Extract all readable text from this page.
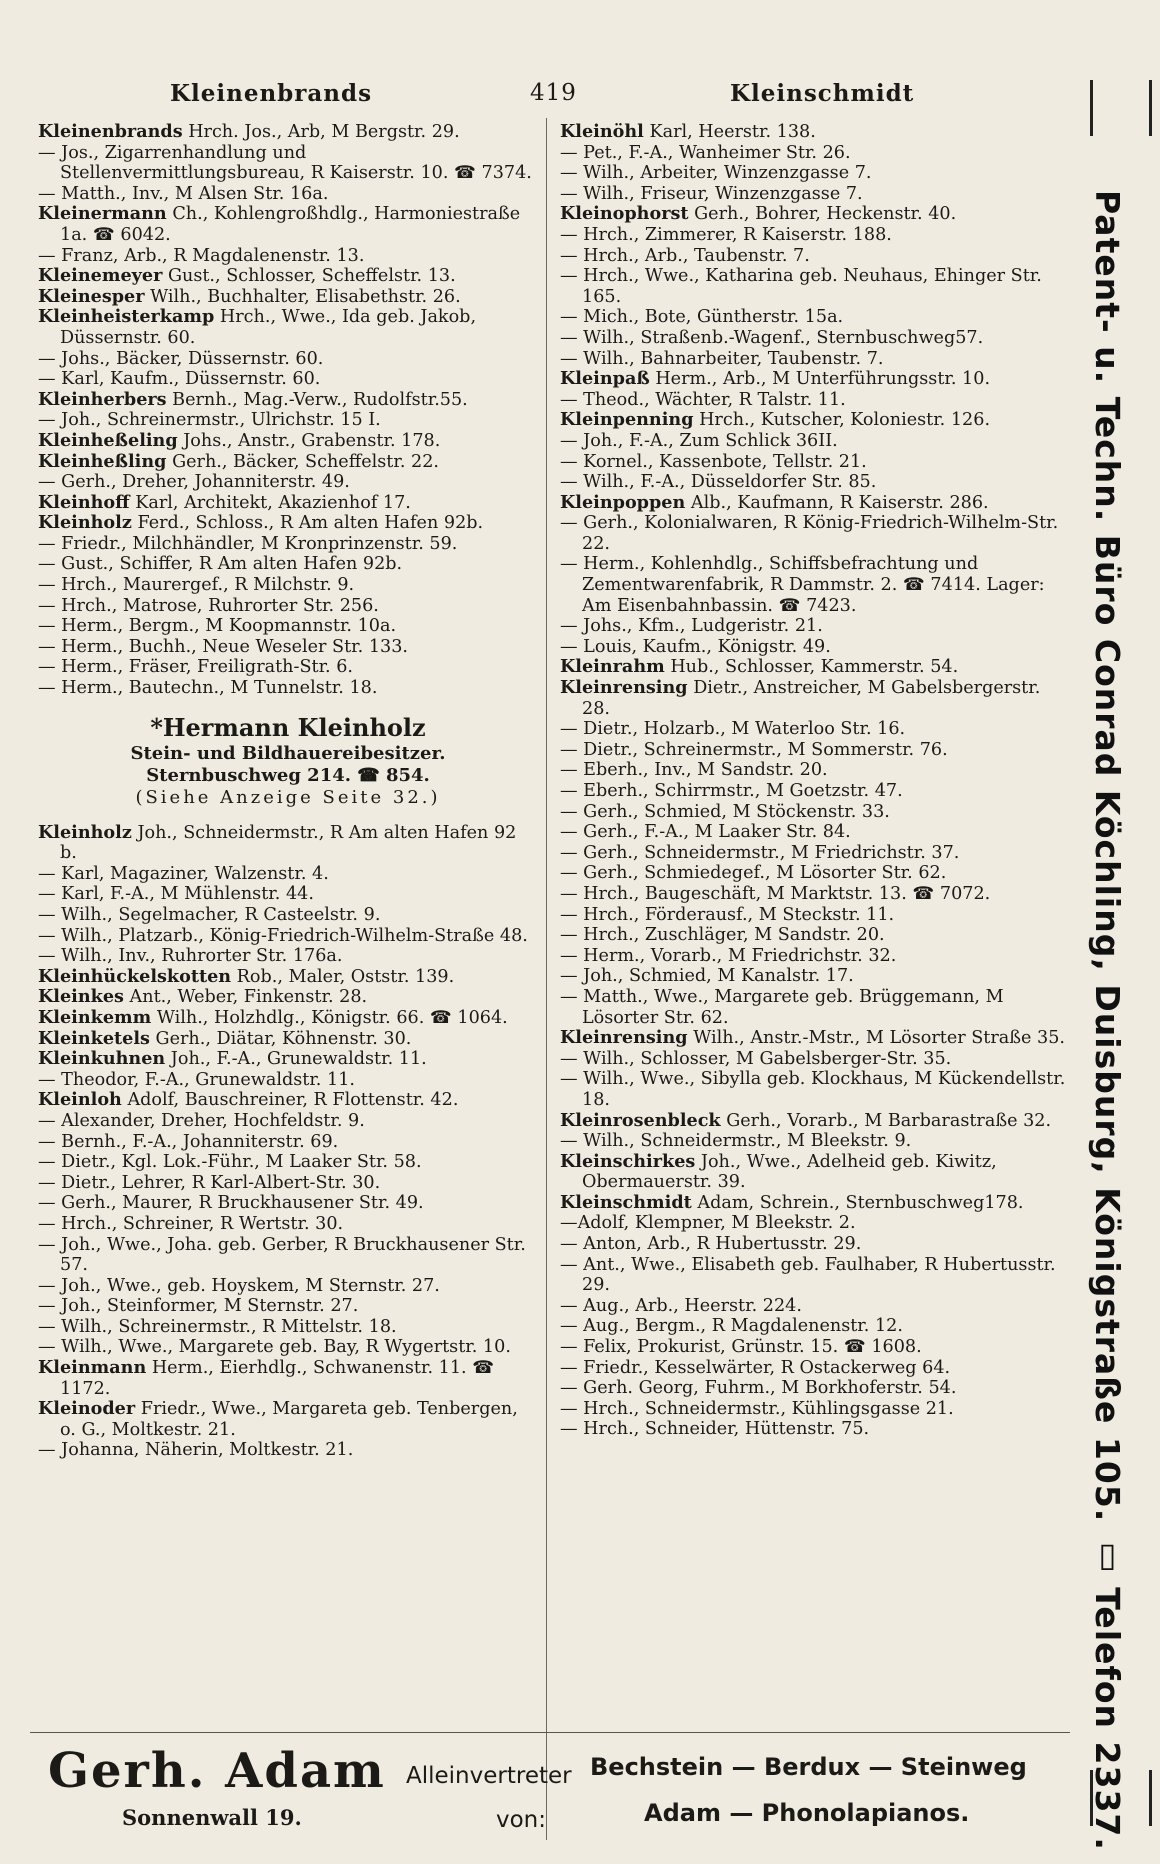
Kleinenbrands	419	Kleinschmidt
Kleinenbrands Hrch. Jos., Arb, M Bergstr. 29.
— Jos., Zigarrenhandlung und Stellenvermittlungsbureau, R Kaiserstr. 10. ☎ 7374.
— Matth., Inv., M Alsen Str. 16a.
Kleinermann Ch., Kohlengroßhdlg., Harmoniestraße 1a. ☎ 6042.
— Franz, Arb., R Magdalenenstr. 13.
Kleinemeyer Gust., Schlosser, Scheffelstr. 13.
Kleinesper Wilh., Buchhalter, Elisabethstr. 26.
Kleinheisterkamp Hrch., Wwe., Ida geb. Jakob, Düssernstr. 60.
— Johs., Bäcker, Düssernstr. 60.
— Karl, Kaufm., Düssernstr. 60.
Kleinherbers Bernh., Mag.-Verw., Rudolfstr.55.
— Joh., Schreinermstr., Ulrichstr. 15 I.
Kleinheßeling Johs., Anstr., Grabenstr. 178.
Kleinheßling Gerh., Bäcker, Scheffelstr. 22.
— Gerh., Dreher, Johanniterstr. 49.
Kleinhoff Karl, Architekt, Akazienhof 17.
Kleinholz Ferd., Schloss., R Am alten Hafen 92b.
— Friedr., Milchhändler, M Kronprinzenstr. 59.
— Gust., Schiffer, R Am alten Hafen 92b.
— Hrch., Maurergef., R Milchstr. 9.
— Hrch., Matrose, Ruhrorter Str. 256.
— Herm., Bergm., M Koopmannstr. 10a.
— Herm., Buchh., Neue Weseler Str. 133.
— Herm., Fräser, Freiligrath-Str. 6.
— Herm., Bautechn., M Tunnelstr. 18.
*Hermann Kleinholz
Stein- und Bildhauereibesitzer.
Sternbuschweg 214. ☎ 854.
(Siehe Anzeige Seite 32.)
Kleinholz Joh., Schneidermstr., R Am alten Hafen 92 b.
— Karl, Magaziner, Walzenstr. 4.
— Karl, F.-A., M Mühlenstr. 44.
— Wilh., Segelmacher, R Casteelstr. 9.
— Wilh., Platzarb., König-Friedrich-Wilhelm-Straße 48.
— Wilh., Inv., Ruhrorter Str. 176a.
Kleinhückelskotten Rob., Maler, Oststr. 139.
Kleinkes Ant., Weber, Finkenstr. 28.
Kleinkemm Wilh., Holzhdlg., Königstr. 66. ☎ 1064.
Kleinketels Gerh., Diätar, Köhnenstr. 30.
Kleinkuhnen Joh., F.-A., Grunewaldstr. 11.
— Theodor, F.-A., Grunewaldstr. 11.
Kleinloh Adolf, Bauschreiner, R Flottenstr. 42.
— Alexander, Dreher, Hochfeldstr. 9.
— Bernh., F.-A., Johanniterstr. 69.
— Dietr., Kgl. Lok.-Führ., M Laaker Str. 58.
— Dietr., Lehrer, R Karl-Albert-Str. 30.
— Gerh., Maurer, R Bruckhausener Str. 49.
— Hrch., Schreiner, R Wertstr. 30.
— Joh., Wwe., Joha. geb. Gerber, R Bruckhausener Str. 57.
— Joh., Wwe., geb. Hoyskem, M Sternstr. 27.
— Joh., Steinformer, M Sternstr. 27.
— Wilh., Schreinermstr., R Mittelstr. 18.
— Wilh., Wwe., Margarete geb. Bay, R Wygertstr. 10.
Kleinmann Herm., Eierhdlg., Schwanenstr. 11. ☎ 1172.
Kleinoder Friedr., Wwe., Margareta geb. Tenbergen, o. G., Moltkestr. 21.
— Johanna, Näherin, Moltkestr. 21.
Kleinöhl Karl, Heerstr. 138.
— Pet., F.-A., Wanheimer Str. 26.
— Wilh., Arbeiter, Winzenzgasse 7.
— Wilh., Friseur, Winzenzgasse 7.
Kleinophorst Gerh., Bohrer, Heckenstr. 40.
— Hrch., Zimmerer, R Kaiserstr. 188.
— Hrch., Arb., Taubenstr. 7.
— Hrch., Wwe., Katharina geb. Neuhaus, Ehinger Str. 165.
— Mich., Bote, Güntherstr. 15a.
— Wilh., Straßenb.-Wagenf., Sternbuschweg57.
— Wilh., Bahnarbeiter, Taubenstr. 7.
Kleinpaß Herm., Arb., M Unterführungsstr. 10.
— Theod., Wächter, R Talstr. 11.
Kleinpenning Hrch., Kutscher, Koloniestr. 126.
— Joh., F.-A., Zum Schlick 36II.
— Kornel., Kassenbote, Tellstr. 21.
— Wilh., F.-A., Düsseldorfer Str. 85.
Kleinpoppen Alb., Kaufmann, R Kaiserstr. 286.
— Gerh., Kolonialwaren, R König-Friedrich-Wilhelm-Str. 22.
— Herm., Kohlenhdlg., Schiffsbefrachtung und Zementwarenfabrik, R Dammstr. 2. ☎ 7414. Lager: Am Eisenbahnbassin. ☎ 7423.
— Johs., Kfm., Ludgeristr. 21.
— Louis, Kaufm., Königstr. 49.
Kleinrahm Hub., Schlosser, Kammerstr. 54.
Kleinrensing Dietr., Anstreicher, M Gabelsbergerstr. 28.
— Dietr., Holzarb., M Waterloo Str. 16.
— Dietr., Schreinermstr., M Sommerstr. 76.
— Eberh., Inv., M Sandstr. 20.
— Eberh., Schirrmstr., M Goetzstr. 47.
— Gerh., Schmied, M Stöckenstr. 33.
— Gerh., F.-A., M Laaker Str. 84.
— Gerh., Schneidermstr., M Friedrichstr. 37.
— Gerh., Schmiedegef., M Lösorter Str. 62.
— Hrch., Baugeschäft, M Marktstr. 13. ☎ 7072.
— Hrch., Förderausf., M Steckstr. 11.
— Hrch., Zuschläger, M Sandstr. 20.
— Herm., Vorarb., M Friedrichstr. 32.
— Joh., Schmied, M Kanalstr. 17.
— Matth., Wwe., Margarete geb. Brüggemann, M Lösorter Str. 62.
Kleinrensing Wilh., Anstr.-Mstr., M Lösorter Straße 35.
— Wilh., Schlosser, M Gabelsberger-Str. 35.
— Wilh., Wwe., Sibylla geb. Klockhaus, M Kückendellstr. 18.
Kleinrosenbleck Gerh., Vorarb., M Barbarastraße 32.
— Wilh., Schneidermstr., M Bleekstr. 9.
Kleinschirkes Joh., Wwe., Adelheid geb. Kiwitz, Obermauerstr. 39.
Kleinschmidt Adam, Schrein., Sternbuschweg178.
—Adolf, Klempner, M Bleekstr. 2.
— Anton, Arb., R Hubertusstr. 29.
— Ant., Wwe., Elisabeth geb. Faulhaber, R Hubertusstr. 29.
— Aug., Arb., Heerstr. 224.
— Aug., Bergm., R Magdalenenstr. 12.
— Felix, Prokurist, Grünstr. 15. ☎ 1608.
— Friedr., Kesselwärter, R Ostackerweg 64.
— Gerh. Georg, Fuhrm., M Borkhoferstr. 54.
— Hrch., Schneidermstr., Kühlingsgasse 21.
— Hrch., Schneider, Hüttenstr. 75.	Patent- u. Techn. Büro Conrad Köchling, Duisburg, Königstraße 105. ▯ Telefon 2337.
Gerh. Adam
Sonnenwall 19.
Alleinvertreter
von:
Bechstein — Berdux — Steinweg
Adam — Phonolapianos.
